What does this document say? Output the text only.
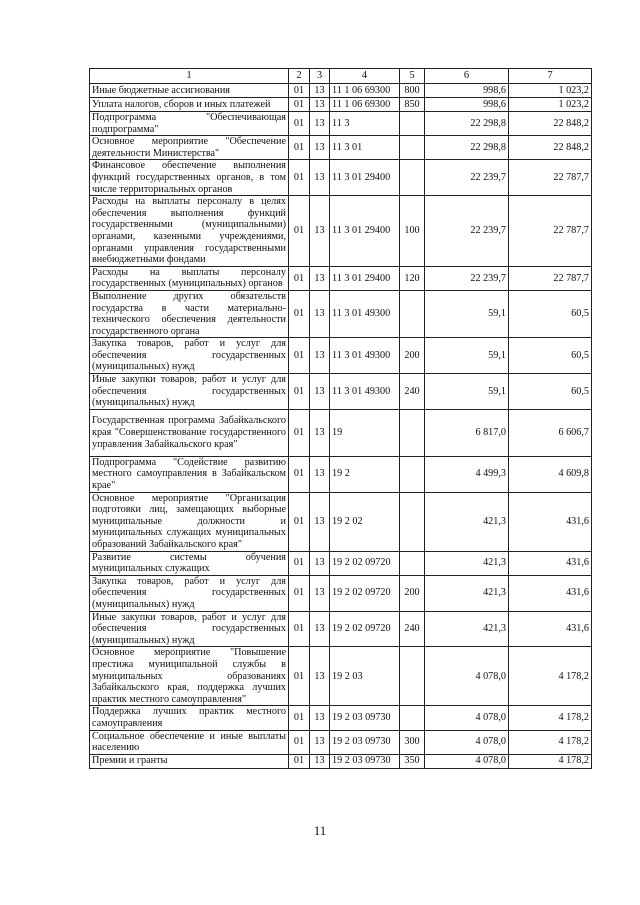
1	2	3	4	5	6	7
Иные бюджетные ассигнования	01	13	11 1 06 69300	800	998,6	1 023,2
Уплата налогов, сборов и иных платежей	01	13	11 1 06 69300	850	998,6	1 023,2
Подпрограмма "Обеспечивающая подпрограмма"	01	13	11 3		22 298,8	22 848,2
Основное мероприятие "Обеспечение деятельности Министерства"	01	13	11 3 01		22 298,8	22 848,2
Финансовое обеспечение выполнения функций государственных органов, в том числе территориальных органов	01	13	11 3 01 29400		22 239,7	22 787,7
Расходы на выплаты персоналу в целях обеспечения выполнения функций государственными (муниципальными) органами, казенными учреждениями, органами управления государственными внебюджетными фондами	01	13	11 3 01 29400	100	22 239,7	22 787,7
Расходы на выплаты персоналу государственных (муниципальных) органов	01	13	11 3 01 29400	120	22 239,7	22 787,7
Выполнение других обязательств государства в части материально-технического обеспечения деятельности государственного органа	01	13	11 3 01 49300		59,1	60,5
Закупка товаров, работ и услуг для обеспечения государственных (муниципальных) нужд	01	13	11 3 01 49300	200	59,1	60,5
Иные закупки товаров, работ и услуг для обеспечения государственных (муниципальных) нужд	01	13	11 3 01 49300	240	59,1	60,5
Государственная программа Забайкальского края "Совершенствование государственного управления Забайкальского края"	01	13	19		6 817,0	6 606,7
Подпрограмма "Содействие развитию местного самоуправления в Забайкальском крае"	01	13	19 2		4 499,3	4 609,8
Основное мероприятие "Организация подготовки лиц, замещающих выборные муниципальные должности и муниципальных служащих муниципальных образований Забайкальского края"	01	13	19 2 02		421,3	431,6
Развитие системы обучения муниципальных служащих	01	13	19 2 02 09720		421,3	431,6
Закупка товаров, работ и услуг для обеспечения государственных (муниципальных) нужд	01	13	19 2 02 09720	200	421,3	431,6
Иные закупки товаров, работ и услуг для обеспечения государственных (муниципальных) нужд	01	13	19 2 02 09720	240	421,3	431,6
Основное мероприятие "Повышение престижа муниципальной службы в муниципальных образованиях Забайкальского края, поддержка лучших практик местного самоуправления"	01	13	19 2 03		4 078,0	4 178,2
Поддержка лучших практик местного самоуправления	01	13	19 2 03 09730		4 078,0	4 178,2
Социальное обеспечение и иные выплаты населению	01	13	19 2 03 09730	300	4 078,0	4 178,2
Премии и гранты	01	13	19 2 03 09730	350	4 078,0	4 178,2
11
